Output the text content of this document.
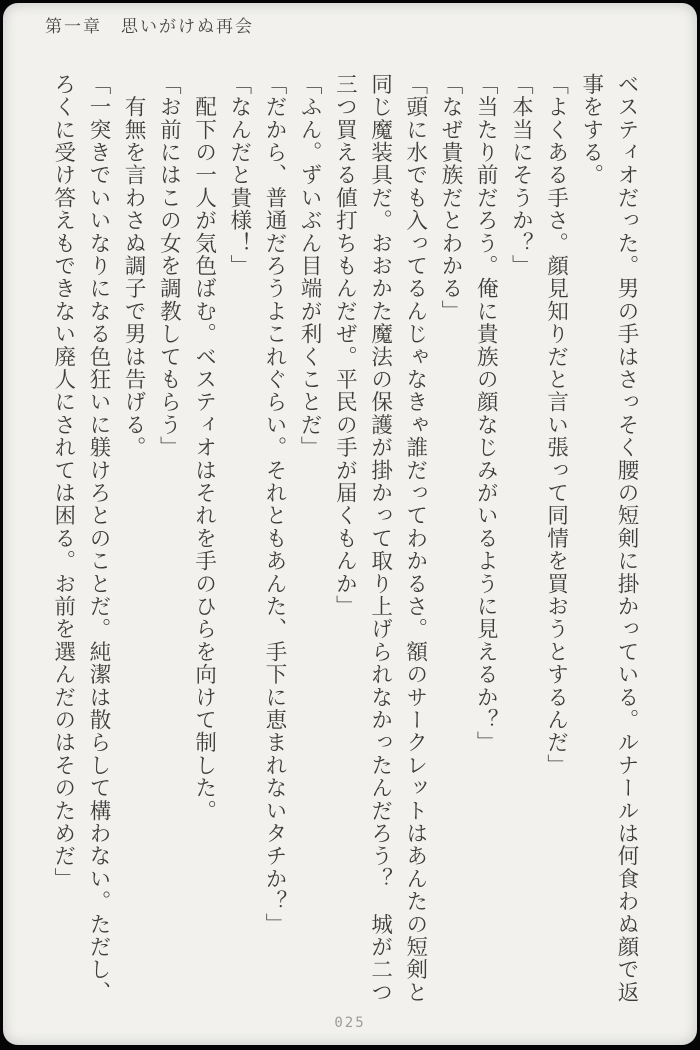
第一章　思いがけぬ再会

ベスティオだった。男の手はさっそく腰の短剣に掛かっている。ルナールは何食わぬ顔で返事をする。

「よくある手さ。顔見知りだと言い張って同情を買おうとするんだ」

「本当にそうか？」

「当たり前だろう。俺に貴族の顔なじみがいるように見えるか？」

「なぜ貴族だとわかる」

「頭に水でも入ってるんじゃなきゃ誰だってわかるさ。額のサークレットはあんたの短剣と同じ魔装具だ。おおかた魔法の保護が掛かって取り上げられなかったんだろう？　城が二つ三つ買える値打ちもんだぜ。平民の手が届くもんか」

「ふん。ずいぶん目端が利くことだ」

「だから、普通だろうよこれぐらい。それともあんた、手下に恵まれないタチか？」

「なんだと貴様！」

　配下の一人が気色ばむ。ベスティオはそれを手のひらを向けて制した。

「お前にはこの女を調教してもらう」

　有無を言わさぬ調子で男は告げる。

「一突きでいいなりになる色狂いに躾けろとのことだ。純潔は散らして構わない。ただし、ろくに受け答えもできない廃人にされては困る。お前を選んだのはそのためだ」

025
